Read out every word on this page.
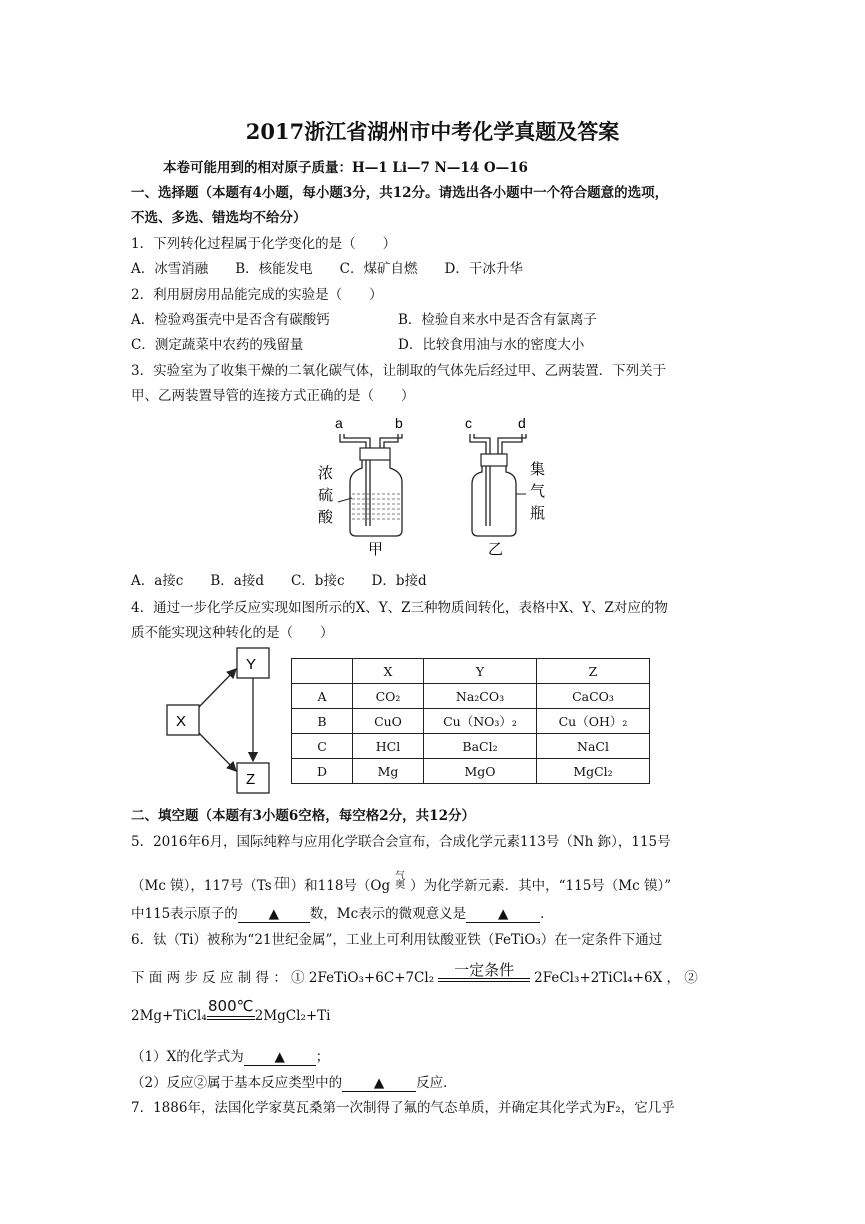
2017浙江省湖州市中考化学真题及答案
本卷可能用到的相对原子质量：H—1 Li—7 N—14 O—16
一、选择题（本题有4小题，每小题3分，共12分。请选出各小题中一个符合题意的选项，
不选、多选、错选均不给分）
1．下列转化过程属于化学变化的是（　　）
A．冰雪消融　　B．核能发电　　C．煤矿自燃　　D．干冰升华
2．利用厨房用品能完成的实验是（　　）
A．检验鸡蛋壳中是否含有碳酸钙	B．检验自来水中是否含有氯离子
C．测定蔬菜中农药的残留量	D．比较食用油与水的密度大小
3．实验室为了收集干燥的二氧化碳气体，让制取的气体先后经过甲、乙两装置．下列关于
甲、乙两装置导管的连接方式正确的是（　　）
a	b
浓
硫
酸
甲
c	d
集
气
瓶
乙
A．a接c　　B．a接d　　C．b接c　　D．b接d
4．通过一步化学反应实现如图所示的X、Y、Z三种物质间转化，表格中X、Y、Z对应的物
质不能实现这种转化的是（　　）
Y
X
Z
	X	Y	Z
A	CO₂	Na₂CO₃	CaCO₃
B	CuO	Cu（NO₃）₂	Cu（OH）₂
C	HCl	BaCl₂	NaCl
D	Mg	MgO	MgCl₂
二、填空题（本题有3小题6空格，每空格2分，共12分）
5．2016年6月，国际纯粹与应用化学联合会宣布，合成化学元素113号（Nh 鉨），115号
（Mc 镆），117号（Ts 石田 ）和118号（Og气奥 ）为化学新元素．其中，“115号（Mc 镆）”
中115表示原子的 ▲ 数，Mc表示的微观意义是 ▲ ．
6．钛（Ti）被称为“21世纪金属”，工业上可利用钛酸亚铁（FeTiO₃）在一定条件下通过
下 面 两 步 反 应 制 得 ： ① 2FeTiO₃+6C+7Cl₂	一定条件	2FeCl₃+2TiCl₄+6X ， ②
2Mg+TiCl₄
800℃
2MgCl₂+Ti
（1）X的化学式为 ▲ ；
（2）反应②属于基本反应类型中的 ▲ 反应．
7．1886年，法国化学家莫瓦桑第一次制得了氟的气态单质，并确定其化学式为F₂，它几乎
